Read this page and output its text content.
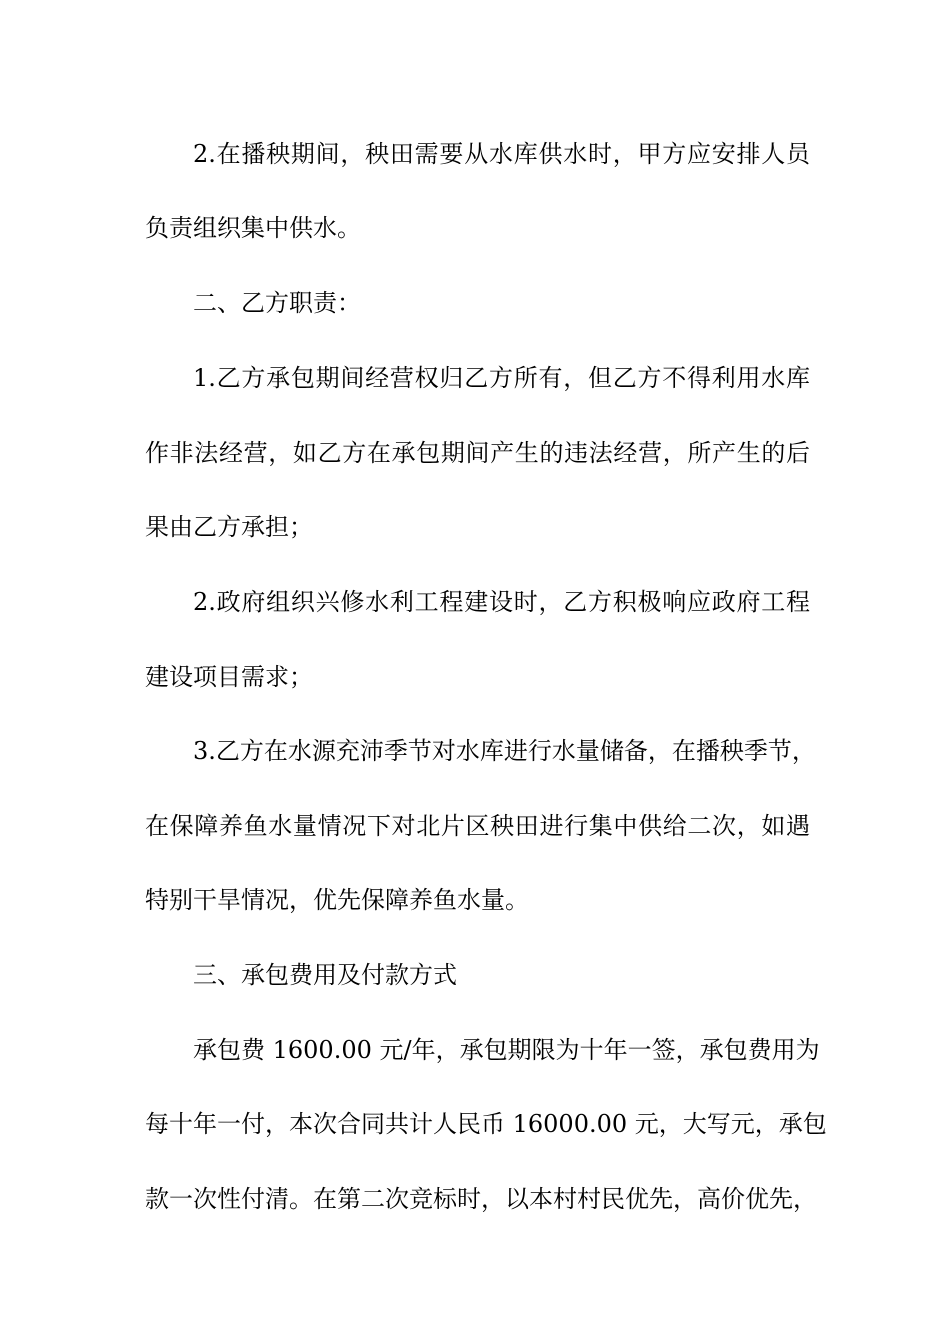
2.在播秧期间，秧田需要从水库供水时，甲方应安排人员
负责组织集中供水。
二、乙方职责：
1.乙方承包期间经营权归乙方所有，但乙方不得利用水库
作非法经营，如乙方在承包期间产生的违法经营，所产生的后
果由乙方承担；
2.政府组织兴修水利工程建设时，乙方积极响应政府工程
建设项目需求；
3.乙方在水源充沛季节对水库进行水量储备，在播秧季节，
在保障养鱼水量情况下对北片区秧田进行集中供给二次，如遇
特别干旱情况，优先保障养鱼水量。
三、承包费用及付款方式
承包费 1600.00 元/年，承包期限为十年一签，承包费用为
每十年一付，本次合同共计人民币 16000.00 元，大写元，承包
款一次性付清。在第二次竞标时，以本村村民优先，高价优先，
